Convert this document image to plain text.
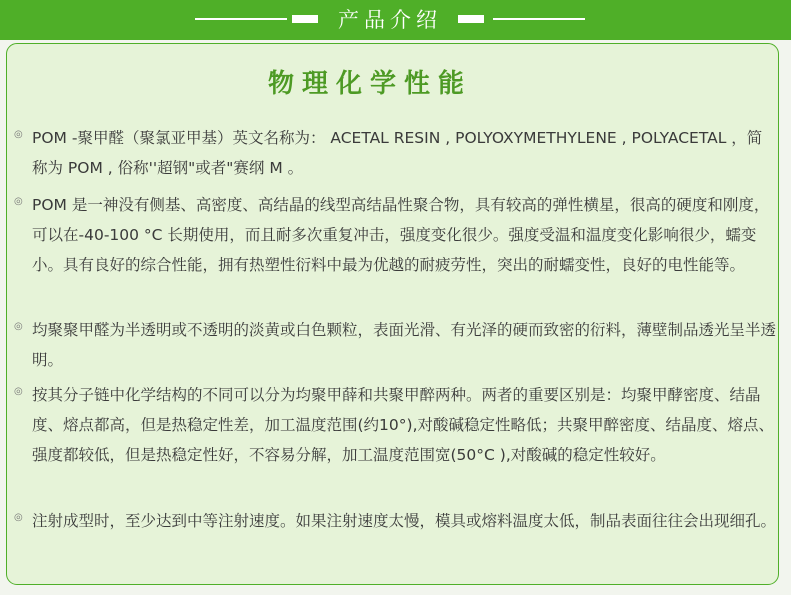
产品介绍
物理化学性能
◎ POM -聚甲醛（聚氯亚甲基）英文名称为： ACETAL RESIN , POLYOXYMETHYLENE , POLYACETAL ，简称为 POM , 俗称''超钢"或者"赛纲 M 。
◎ POM 是一神没有侧基、高密度、高结晶的线型高结晶性聚合物，具有较高的弹性横星，很高的硬度和刚度，可以在-40-100 °C 长期使用，而且耐多次重复冲击，强度变化很少。强度受温和温度变化影响很少，蠕变小。具有良好的综合性能，拥有热塑性衍料中最为优越的耐疲劳性，突出的耐蠕变性，良好的电性能等。
◎ 均聚聚甲醛为半透明或不透明的淡黄或白色颗粒，表面光滑、有光泽的硬而致密的衍料，薄壁制品透光呈半透明。
◎ 按其分子链中化学结构的不同可以分为均聚甲薛和共聚甲醉两种。两者的重要区别是：均聚甲酵密度、结晶度、熔点都高，但是热稳定性差，加工温度范围(约10°),对酸碱稳定性略低；共聚甲醉密度、结晶度、熔点、强度都较低，但是热稳定性好，不容易分解，加工温度范围宽(50°C ),对酸碱的稳定性较好。
◎ 注射成型时，至少达到中等注射速度。如果注射速度太慢，模具或熔料温度太低，制品表面往往会出现细孔。
